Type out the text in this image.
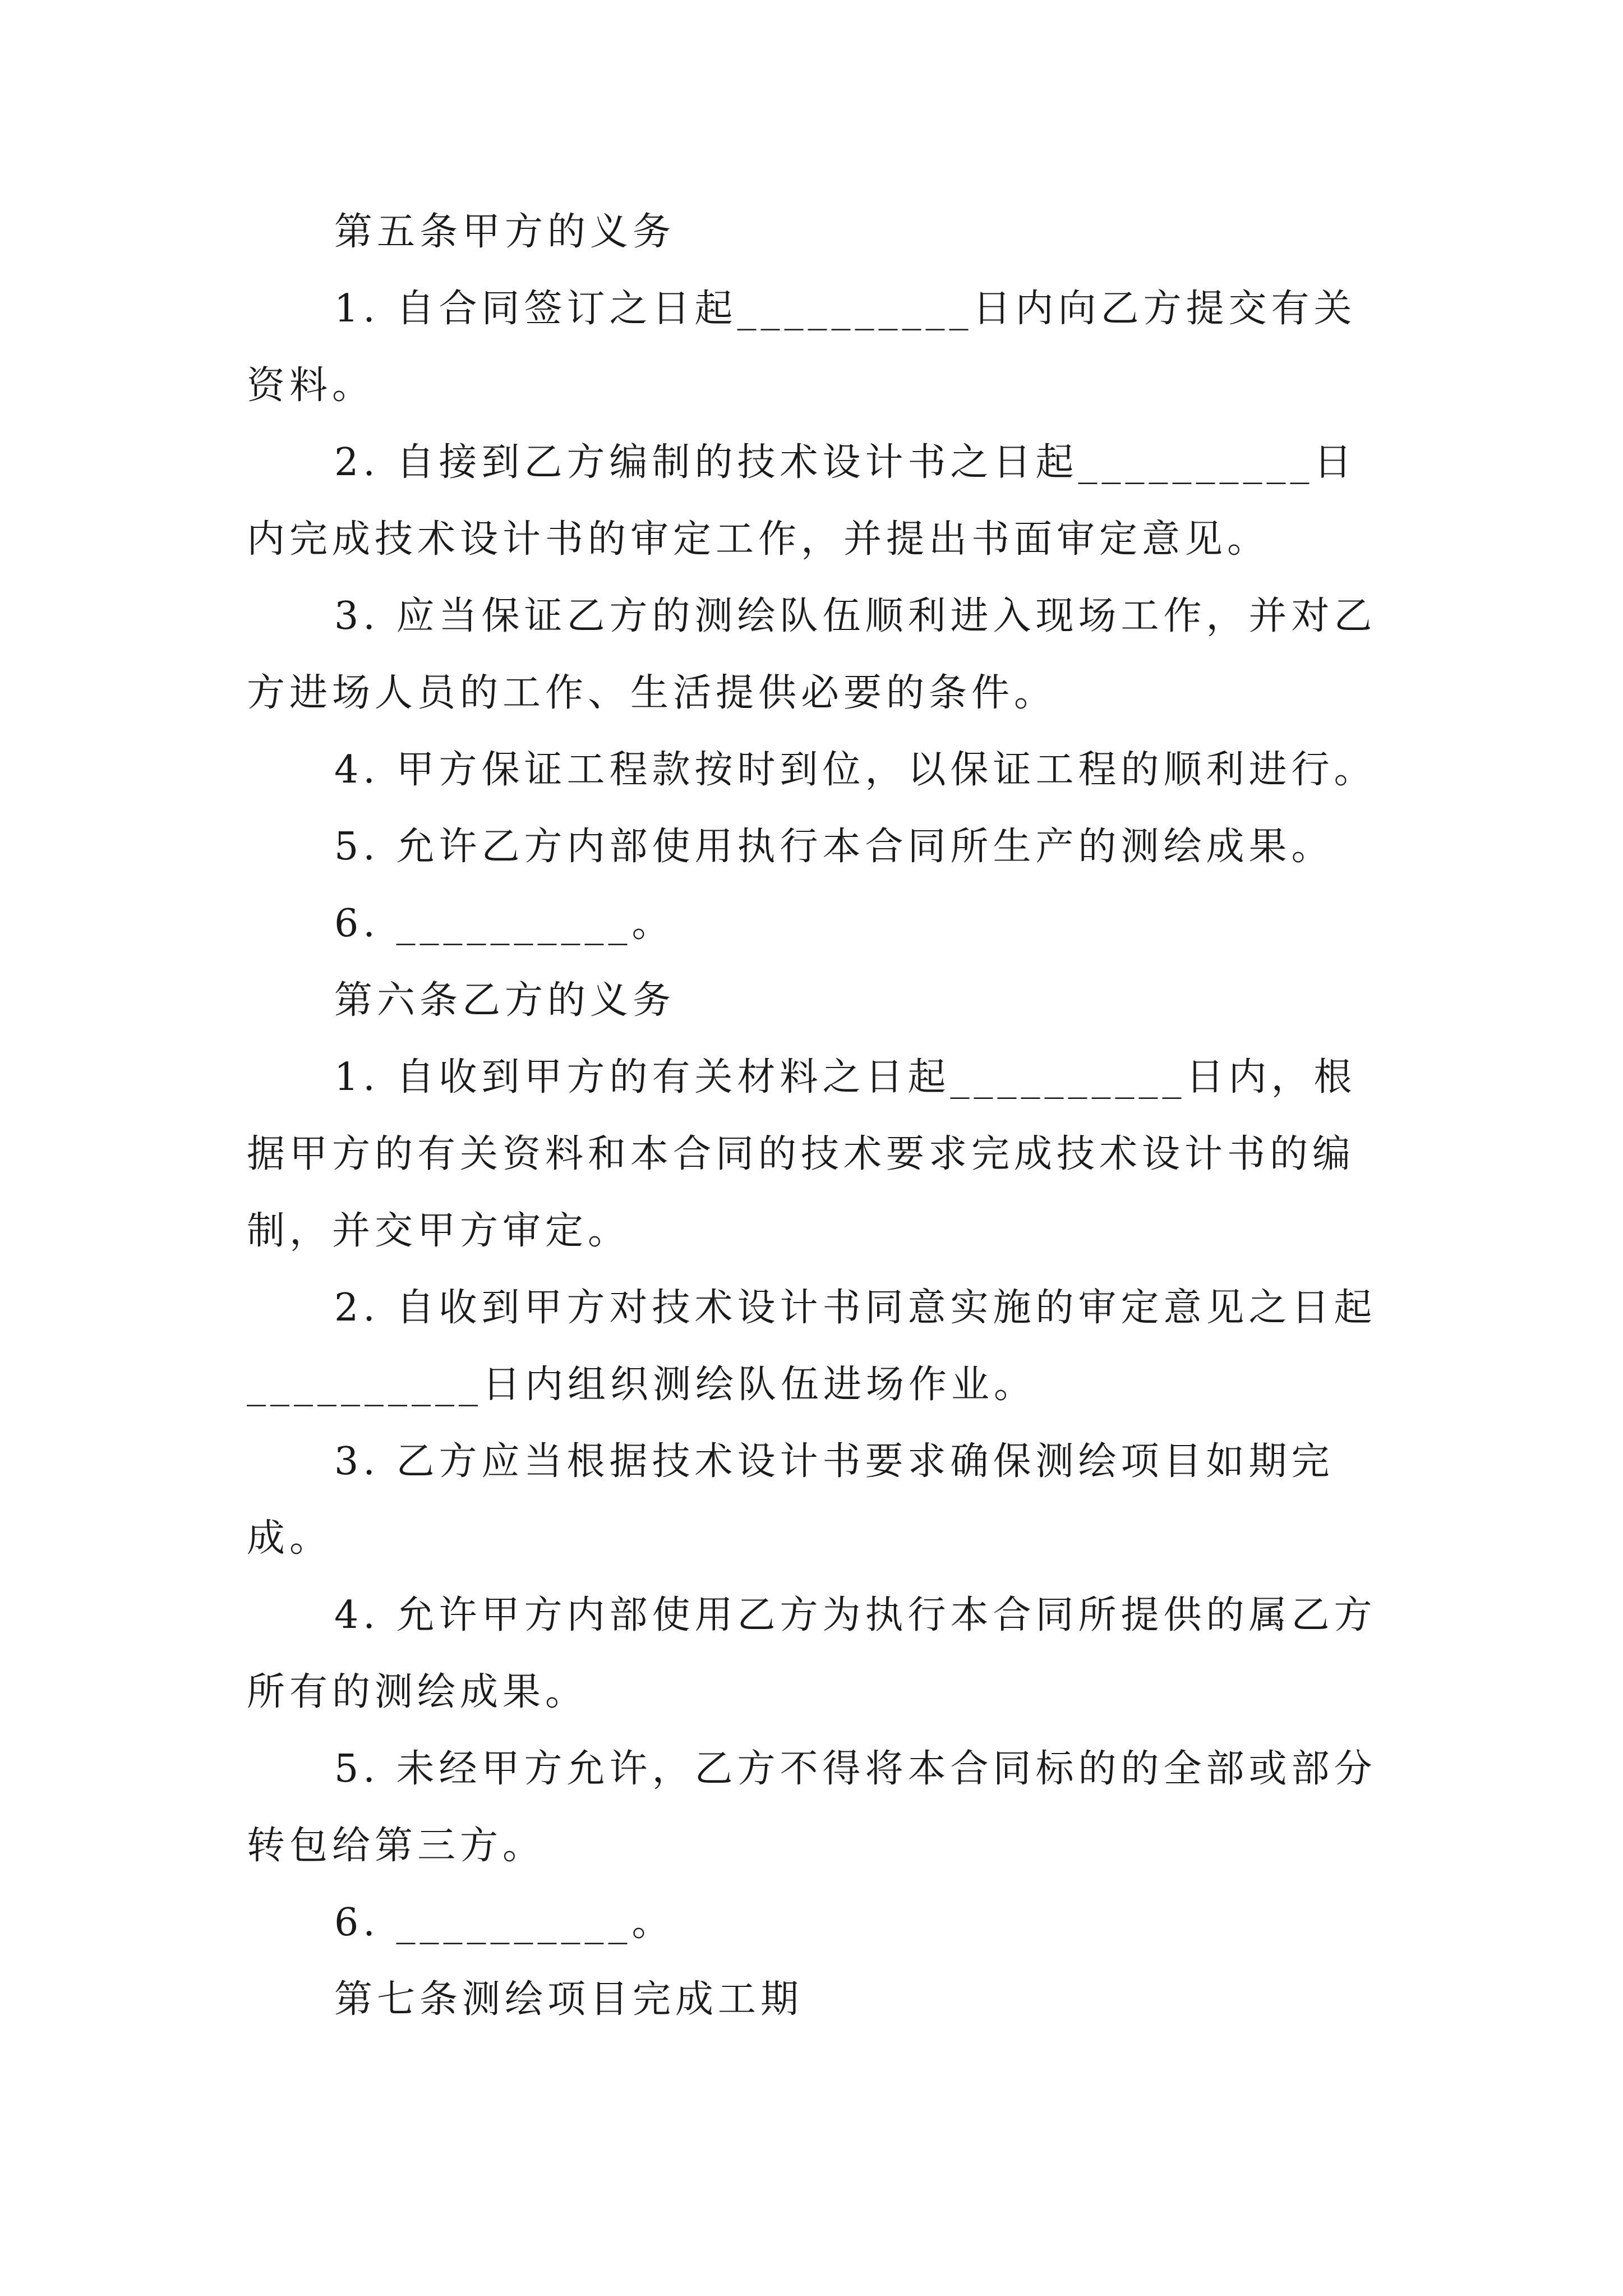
第五条甲方的义务

1. 自合同签订之日起__________日内向乙方提交有关资料。

2. 自接到乙方编制的技术设计书之日起__________日内完成技术设计书的审定工作，并提出书面审定意见。

3. 应当保证乙方的测绘队伍顺利进入现场工作，并对乙方进场人员的工作、生活提供必要的条件。

4. 甲方保证工程款按时到位，以保证工程的顺利进行。

5. 允许乙方内部使用执行本合同所生产的测绘成果。

6. __________。

第六条乙方的义务

1. 自收到甲方的有关材料之日起__________日内，根据甲方的有关资料和本合同的技术要求完成技术设计书的编制，并交甲方审定。

2. 自收到甲方对技术设计书同意实施的审定意见之日起__________日内组织测绘队伍进场作业。

3. 乙方应当根据技术设计书要求确保测绘项目如期完成。

4. 允许甲方内部使用乙方为执行本合同所提供的属乙方所有的测绘成果。

5. 未经甲方允许，乙方不得将本合同标的的全部或部分转包给第三方。

6. __________。

第七条测绘项目完成工期
